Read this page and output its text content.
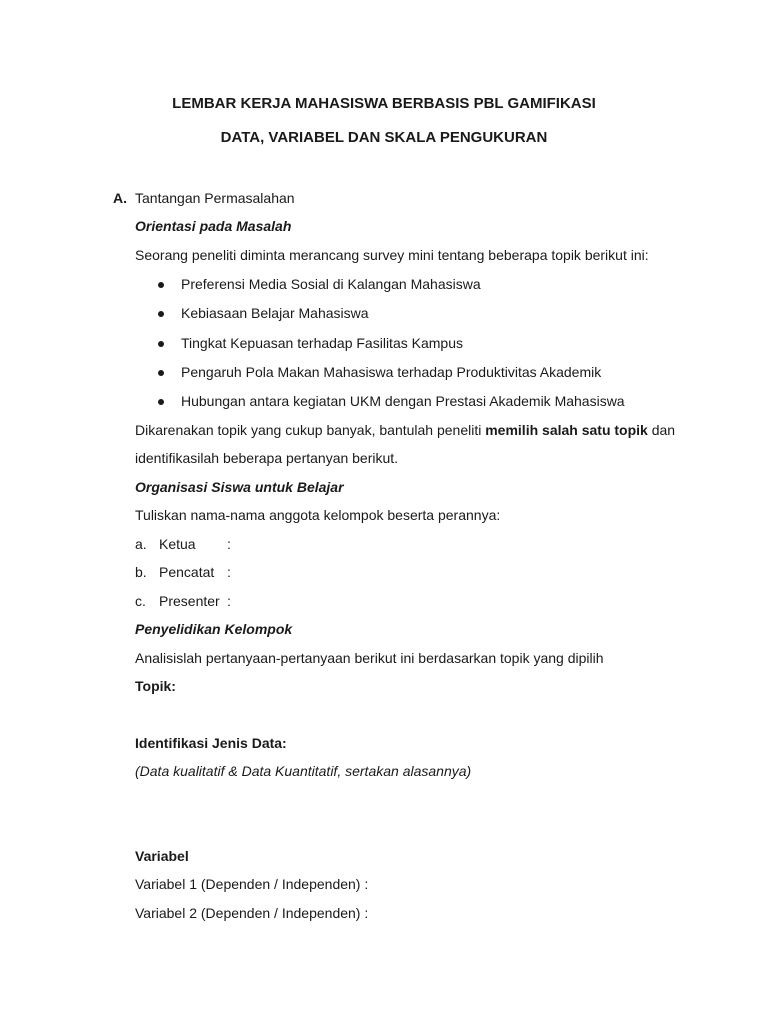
LEMBAR KERJA MAHASISWA BERBASIS PBL GAMIFIKASI
DATA, VARIABEL DAN SKALA PENGUKURAN
A. Tantangan Permasalahan
Orientasi pada Masalah
Seorang peneliti diminta merancang survey mini tentang beberapa topik berikut ini:
Preferensi Media Sosial di Kalangan Mahasiswa
Kebiasaan Belajar Mahasiswa
Tingkat Kepuasan terhadap Fasilitas Kampus
Pengaruh Pola Makan Mahasiswa terhadap Produktivitas Akademik
Hubungan antara kegiatan UKM dengan Prestasi Akademik Mahasiswa
Dikarenakan topik yang cukup banyak, bantulah peneliti memilih salah satu topik dan
identifikasilah beberapa pertanyan berikut.
Organisasi Siswa untuk Belajar
Tuliskan nama-nama anggota kelompok beserta perannya:
a. Ketua :
b. Pencatat :
c. Presenter :
Penyelidikan Kelompok
Analisislah pertanyaan-pertanyaan berikut ini berdasarkan topik yang dipilih
Topik:
Identifikasi Jenis Data:
(Data kualitatif & Data Kuantitatif, sertakan alasannya)
Variabel
Variabel 1 (Dependen / Independen) :
Variabel 2 (Dependen / Independen) :
